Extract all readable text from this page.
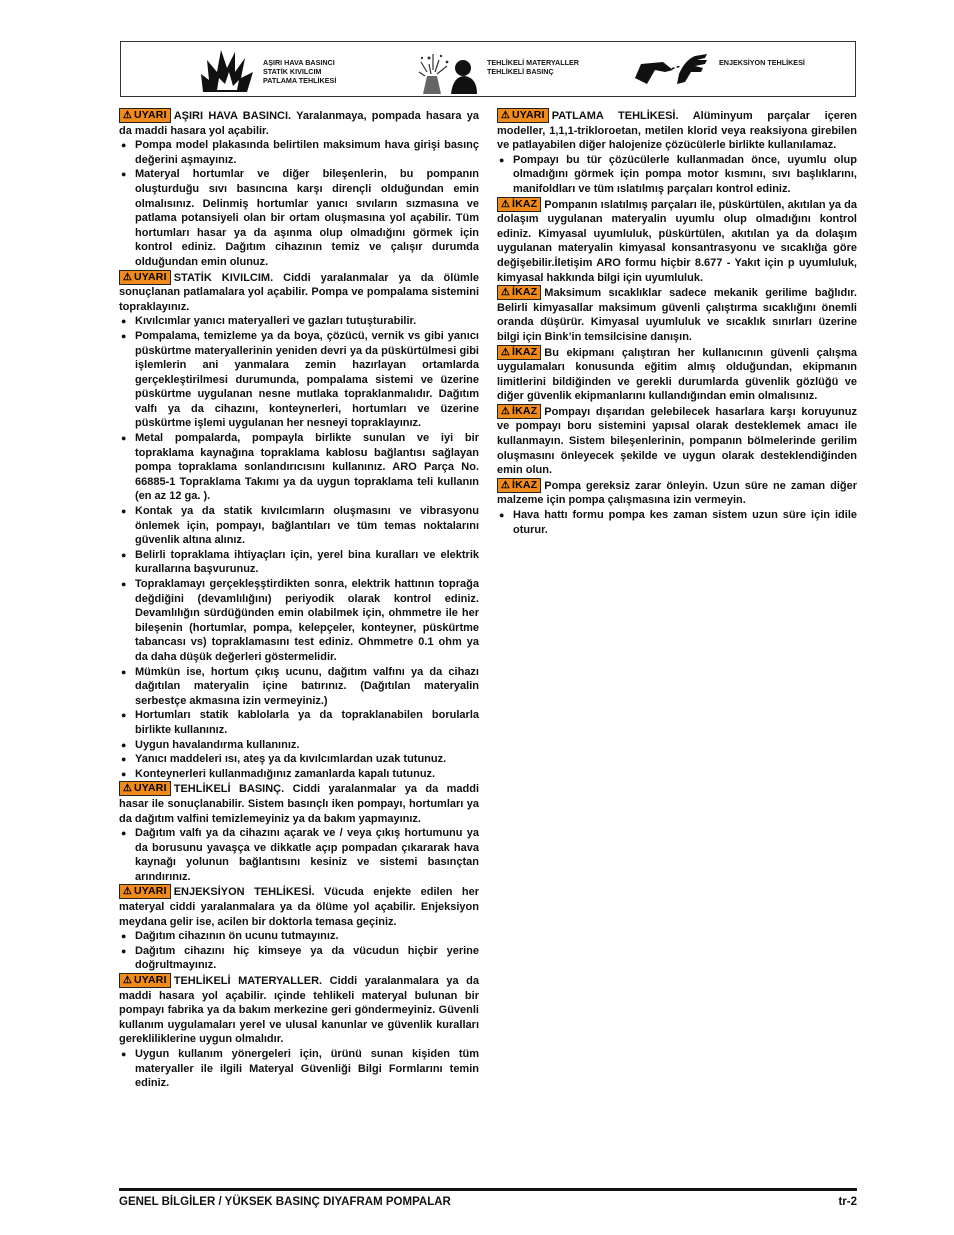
AŞIRI HAVA BASINCI
STATİK KIVILCIM
PATLAMA TEHLİKESİ
TEHLİKELİ MATERYALLER
TEHLİKELİ BASINÇ
ENJEKSİYON TEHLİKESİ

⚠ UYARI AŞIRI HAVA BASINCI. Yaralanmaya, pompada hasara ya da maddi hasara yol açabilir.

● Pompa model plakasında belirtilen maksimum hava girişi basınç değerini aşmayınız.
● Materyal hortumlar ve diğer bileşenlerin, bu pompanın oluşturduğu sıvı basıncına karşı dirençli olduğundan emin olmalısınız. Delinmiş hortumlar yanıcı sıvıların sızmasına ve patlama potansiyeli olan bir ortam oluşmasına yol açabilir. Tüm hortumları hasar ya da aşınma olup olmadığını görmek için kontrol ediniz. Dağıtım cihazının temiz ve çalışır durumda olduğundan emin olunuz.

⚠ UYARI STATİK KIVILCIM. Ciddi yaralanmalar ya da ölümle sonuçlanan patlamalara yol açabilir. Pompa ve pompalama sistemini topraklayınız.

● Kıvılcımlar yanıcı materyalleri ve gazları tutuşturabilir.
● Pompalama, temizleme ya da boya, çözücü, vernik vs gibi yanıcı püskürtme materyallerinin yeniden devri ya da püskürtülmesi gibi işlemlerin ani yanmalara zemin hazırlayan ortamlarda gerçekleştirilmesi durumunda, pompalama sistemi ve üzerine püskürtme uygulanan nesne mutlaka topraklanmalıdır. Dağıtım valfı ya da cihazını, konteynerleri, hortumları ve üzerine püskürtme işlemi uygulanan her nesneyi topraklayınız.
● Metal pompalarda, pompayla birlikte sunulan ve iyi bir topraklama kaynağına topraklama kablosu bağlantısı sağlayan pompa topraklama sonlandırıcısını kullanınız. ARO Parça No. 66885-1 Topraklama Takımı ya da uygun topraklama teli kullanın (en az 12 ga. ).
● Kontak ya da statik kıvılcımların oluşmasını ve vibrasyonu önlemek için, pompayı, bağlantıları ve tüm temas noktalarını güvenlik altına alınız.
● Belirli topraklama ihtiyaçları için, yerel bina kuralları ve elektrik kurallarına başvurunuz.
● Topraklamayı gerçekleşştirdikten sonra, elektrik hattının toprağa değdiğini (devamlılığını) periyodik olarak kontrol ediniz. Devamlılığın sürdüğünden emin olabilmek için, ohmmetre ile her bileşenin (hortumlar, pompa, kelepçeler, konteyner, püskürtme tabancası vs) topraklamasını test ediniz. Ohmmetre 0.1 ohm ya da daha düşük değerleri göstermelidir.
● Mümkün ise, hortum çıkış ucunu, dağıtım valfını ya da cihazı dağıtılan materyalin içine batırınız. (Dağıtılan materyalin serbestçe akmasına izin vermeyiniz.)
● Hortumları statik kablolarla ya da topraklanabilen borularla birlikte kullanınız.
● Uygun havalandırma kullanınız.
● Yanıcı maddeleri ısı, ateş ya da kıvılcımlardan uzak tutunuz.
● Konteynerleri kullanmadığınız zamanlarda kapalı tutunuz.

⚠ UYARI TEHLİKELİ BASINÇ. Ciddi yaralanmalar ya da maddi hasar ile sonuçlanabilir. Sistem basınçlı iken pompayı, hortumları ya da dağıtım valfini temizlemeyiniz ya da bakım yapmayınız.

● Dağıtım valfı ya da cihazını açarak ve / veya çıkış hortumunu ya da borusunu yavaşça ve dikkatle açıp pompadan çıkararak hava kaynağı yolunun bağlantısını kesiniz ve sistemi basınçtan arındırınız.

⚠ UYARI ENJEKSİYON TEHLİKESİ. Vücuda enjekte edilen her materyal ciddi yaralanmalara ya da ölüme yol açabilir. Enjeksiyon meydana gelir ise, acilen bir doktorla temasa geçiniz.

● Dağıtım cihazının ön ucunu tutmayınız.
● Dağıtım cihazını hiç kimseye ya da vücudun hiçbir yerine doğrultmayınız.

⚠ UYARI TEHLİKELİ MATERYALLER. Ciddi yaralanmalara ya da maddi hasara yol açabilir. ıçinde tehlikeli materyal bulunan bir pompayı fabrika ya da bakım merkezine geri göndermeyiniz. Güvenli kullanım uygulamaları yerel ve ulusal kanunlar ve güvenlik kuralları gerekliliklerine uygun olmalıdır.

● Uygun kullanım yönergeleri için, ürünü sunan kişiden tüm materyaller ile ilgili Materyal Güvenliği Bilgi Formlarını temin ediniz.

⚠ UYARI PATLAMA TEHLİKESİ. Alüminyum parçalar içeren modeller, 1,1,1-trikloroetan, metilen klorid veya reaksiyona girebilen ve patlayabilen diğer halojenize çözücülerle birlikte kullanılamaz.

● Pompayı bu tür çözücülerle kullanmadan önce, uyumlu olup olmadığını görmek için pompa motor kısmını, sıvı başlıklarını, manifoldları ve tüm ıslatılmış parçaları kontrol ediniz.

⚠ İKAZ Pompanın ıslatılmış parçaları ile, püskürtülen, akıtılan ya da dolaşım uygulanan materyalin uyumlu olup olmadığını kontrol ediniz. Kimyasal uyumluluk, püskürtülen, akıtılan ya da dolaşım uygulanan materyalin kimyasal konsantrasyonu ve sıcaklığa göre değişebilir.İletişim ARO formu hiçbir 8.677 - Yakıt için p uyumluluk, kimyasal hakkında bilgi için uyumluluk.

⚠ İKAZ Maksimum sıcaklıklar sadece mekanik gerilime bağlıdır. Belirli kimyasallar maksimum güvenli çalıştırma sıcaklığını önemli oranda düşürür. Kimyasal uyumluluk ve sıcaklık sınırları üzerine bilgi için Bink’in temsilcisine danışın.

⚠ İKAZ Bu ekipmanı çalıştıran her kullanıcının güvenli çalışma uygulamaları konusunda eğitim almış olduğundan, ekipmanın limitlerini bildiğinden ve gerekli durumlarda güvenlik gözlüğü ve diğer güvenlik ekipmanlarını kullandığından emin olmalısınız.

⚠ İKAZ Pompayı dışarıdan gelebilecek hasarlara karşı koruyunuz ve pompayı boru sistemini yapısal olarak desteklemek amacı ile kullanmayın. Sistem bileşenlerinin, pompanın bölmelerinde gerilim oluşmasını önleyecek şekilde ve uygun olarak desteklendiğinden emin olun.

⚠ İKAZ Pompa gereksiz zarar önleyin. Uzun süre ne zaman diğer malzeme için pompa çalışmasına izin vermeyin.

● Hava hattı formu pompa kes zaman sistem uzun süre için idile oturur.
GENEL BİLGİLER / YÜKSEK BASINÇ DIYAFRAM POMPALAR	tr-2
